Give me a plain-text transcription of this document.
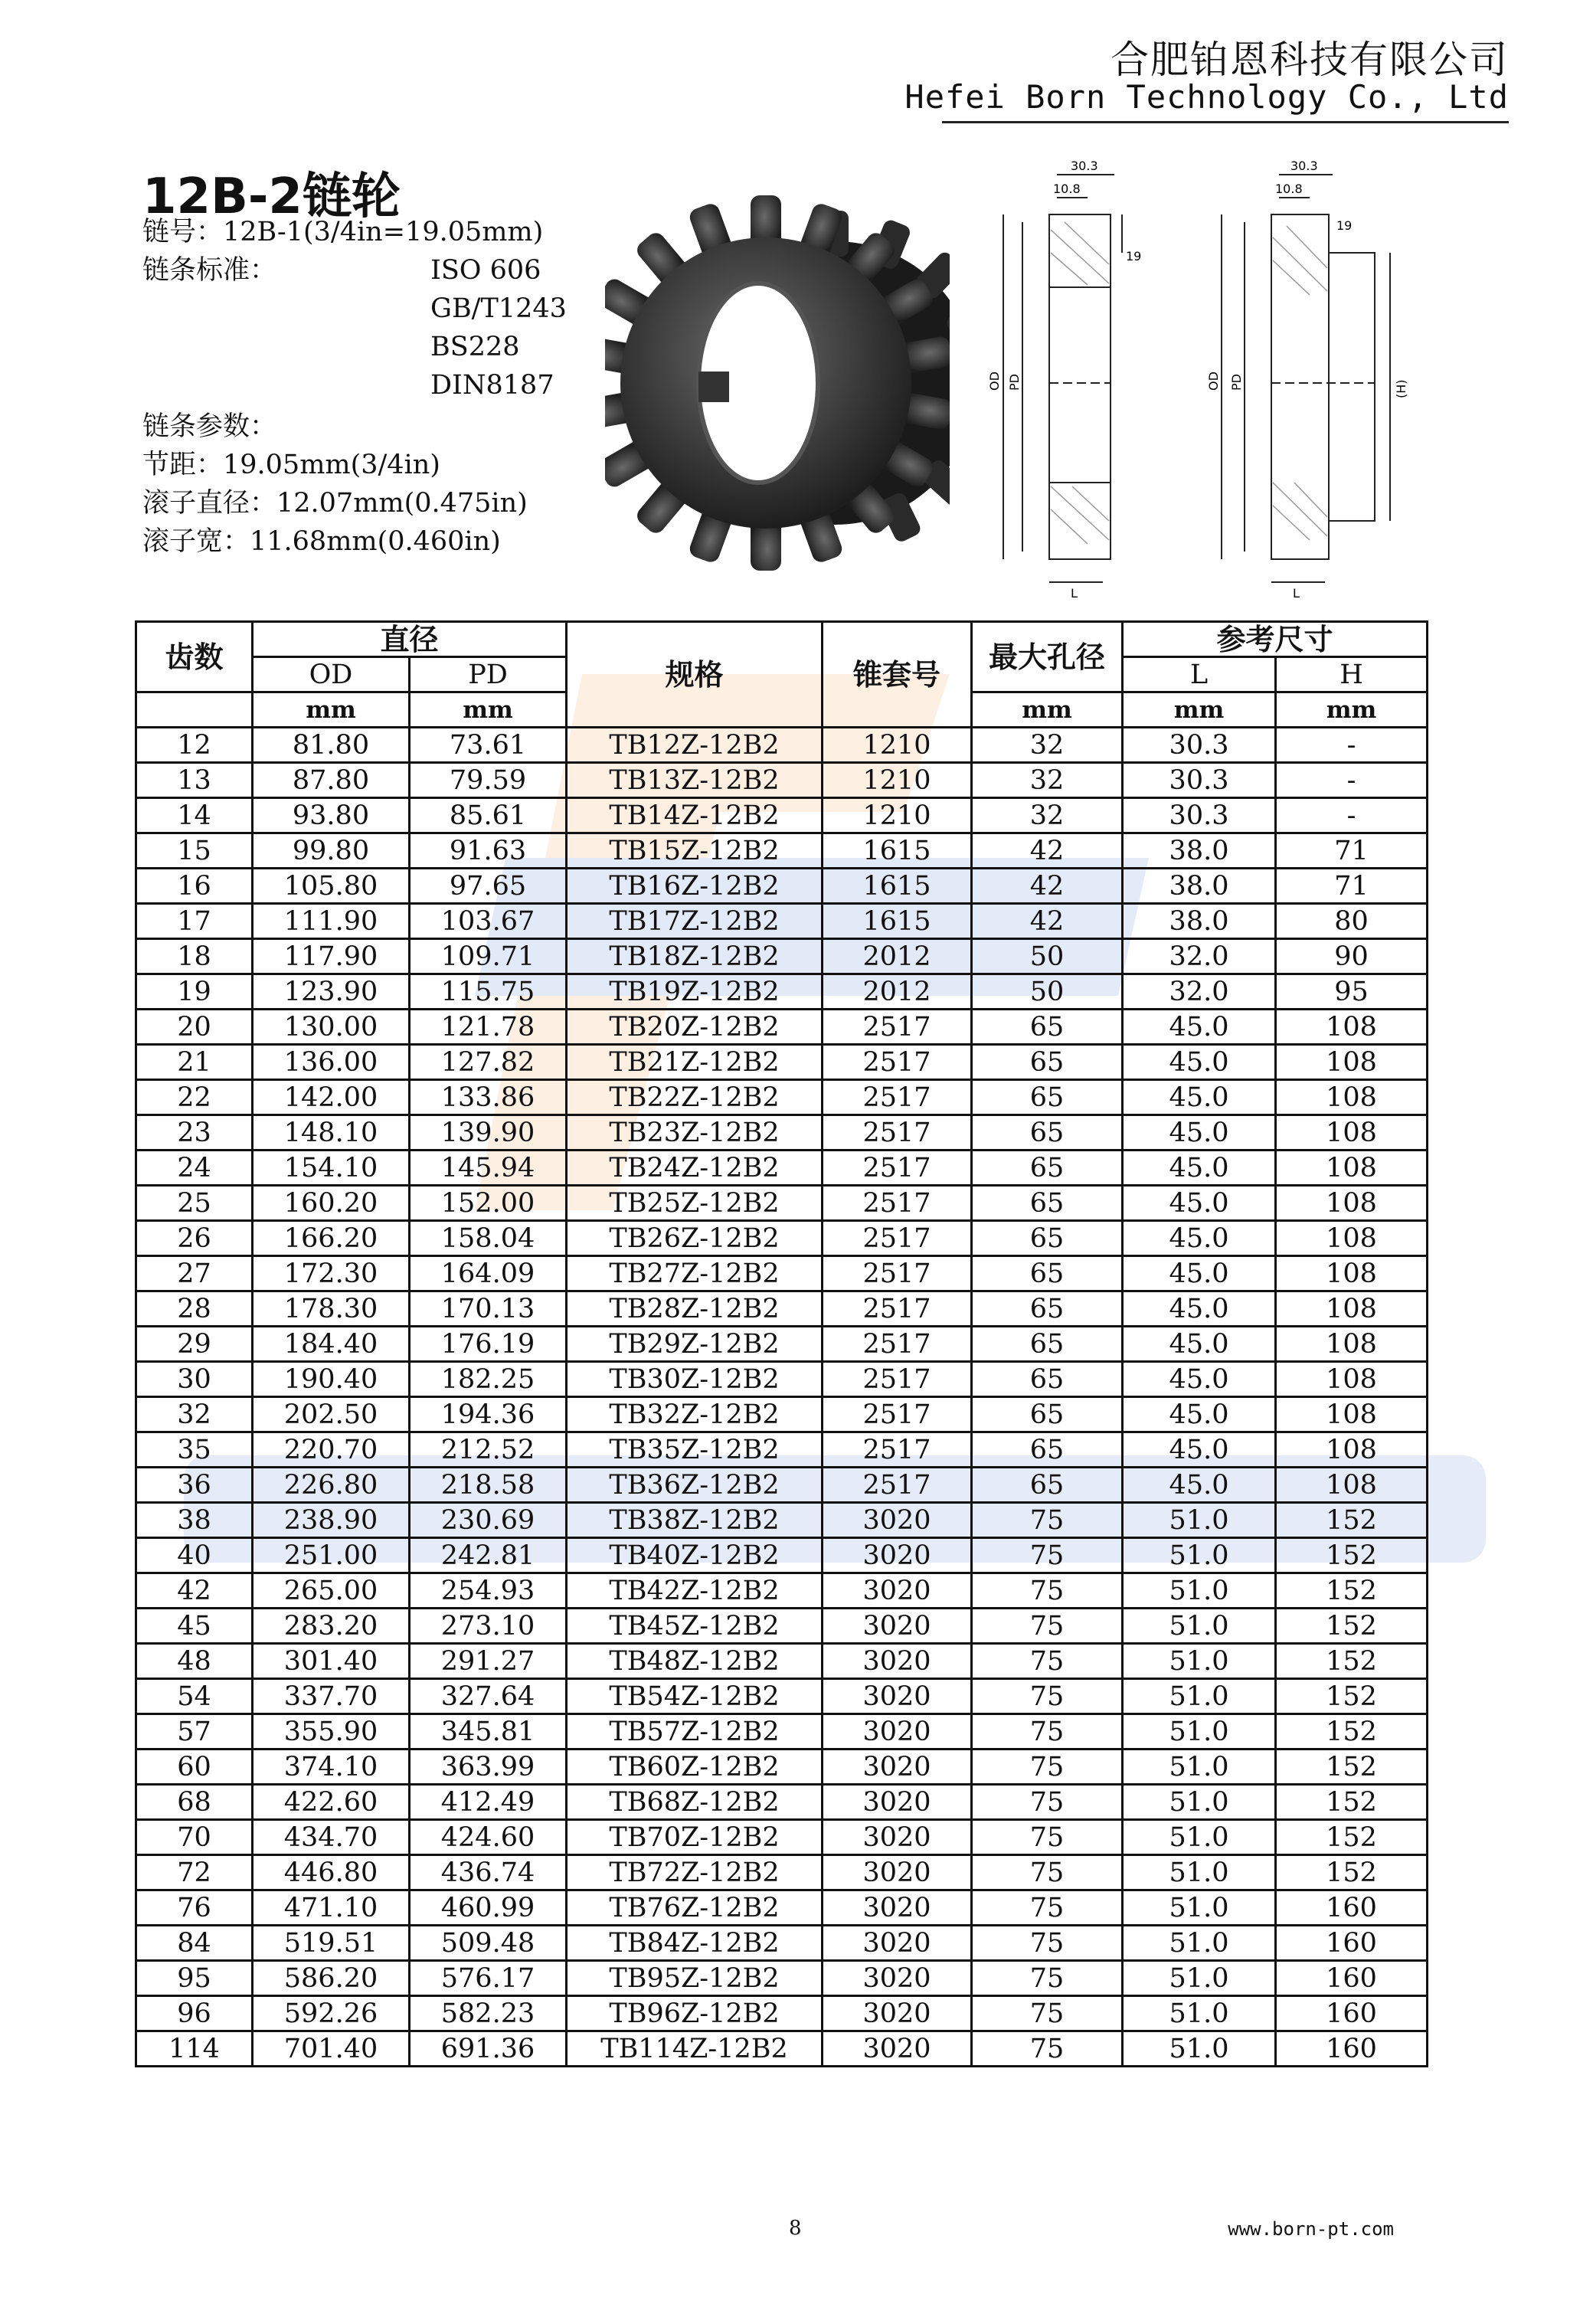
合肥铂恩科技有限公司
Hefei Born Technology Co., Ltd
12B-2链轮
链号：12B-1(3/4in=19.05mm)
链条标准：	ISO 606
GB/T1243
BS228
DIN8187
链条参数：
节距：19.05mm(3/4in)
滚子直径：12.07mm(0.475in)
滚子宽：11.68mm(0.460in)
30.3
10.8
19
OD PD
L
30.3
10.8
19
OD PD	(H)
L
齿数	直径		规格	锥套号	最大孔径	参考尺寸	
	OD	PD				L	H
	mm	mm			mm	mm	mm
12	81.80	73.61	TB12Z-12B2	1210	32	30.3	-
13	87.80	79.59	TB13Z-12B2	1210	32	30.3	-
14	93.80	85.61	TB14Z-12B2	1210	32	30.3	-
15	99.80	91.63	TB15Z-12B2	1615	42	38.0	71
16	105.80	97.65	TB16Z-12B2	1615	42	38.0	71
17	111.90	103.67	TB17Z-12B2	1615	42	38.0	80
18	117.90	109.71	TB18Z-12B2	2012	50	32.0	90
19	123.90	115.75	TB19Z-12B2	2012	50	32.0	95
20	130.00	121.78	TB20Z-12B2	2517	65	45.0	108
21	136.00	127.82	TB21Z-12B2	2517	65	45.0	108
22	142.00	133.86	TB22Z-12B2	2517	65	45.0	108
23	148.10	139.90	TB23Z-12B2	2517	65	45.0	108
24	154.10	145.94	TB24Z-12B2	2517	65	45.0	108
25	160.20	152.00	TB25Z-12B2	2517	65	45.0	108
26	166.20	158.04	TB26Z-12B2	2517	65	45.0	108
27	172.30	164.09	TB27Z-12B2	2517	65	45.0	108
28	178.30	170.13	TB28Z-12B2	2517	65	45.0	108
29	184.40	176.19	TB29Z-12B2	2517	65	45.0	108
30	190.40	182.25	TB30Z-12B2	2517	65	45.0	108
32	202.50	194.36	TB32Z-12B2	2517	65	45.0	108
35	220.70	212.52	TB35Z-12B2	2517	65	45.0	108
36	226.80	218.58	TB36Z-12B2	2517	65	45.0	108
38	238.90	230.69	TB38Z-12B2	3020	75	51.0	152
40	251.00	242.81	TB40Z-12B2	3020	75	51.0	152
42	265.00	254.93	TB42Z-12B2	3020	75	51.0	152
45	283.20	273.10	TB45Z-12B2	3020	75	51.0	152
48	301.40	291.27	TB48Z-12B2	3020	75	51.0	152
54	337.70	327.64	TB54Z-12B2	3020	75	51.0	152
57	355.90	345.81	TB57Z-12B2	3020	75	51.0	152
60	374.10	363.99	TB60Z-12B2	3020	75	51.0	152
68	422.60	412.49	TB68Z-12B2	3020	75	51.0	152
70	434.70	424.60	TB70Z-12B2	3020	75	51.0	152
72	446.80	436.74	TB72Z-12B2	3020	75	51.0	152
76	471.10	460.99	TB76Z-12B2	3020	75	51.0	160
84	519.51	509.48	TB84Z-12B2	3020	75	51.0	160
95	586.20	576.17	TB95Z-12B2	3020	75	51.0	160
96	592.26	582.23	TB96Z-12B2	3020	75	51.0	160
114	701.40	691.36	TB114Z-12B2	3020	75	51.0	160
8	www.born-pt.com
